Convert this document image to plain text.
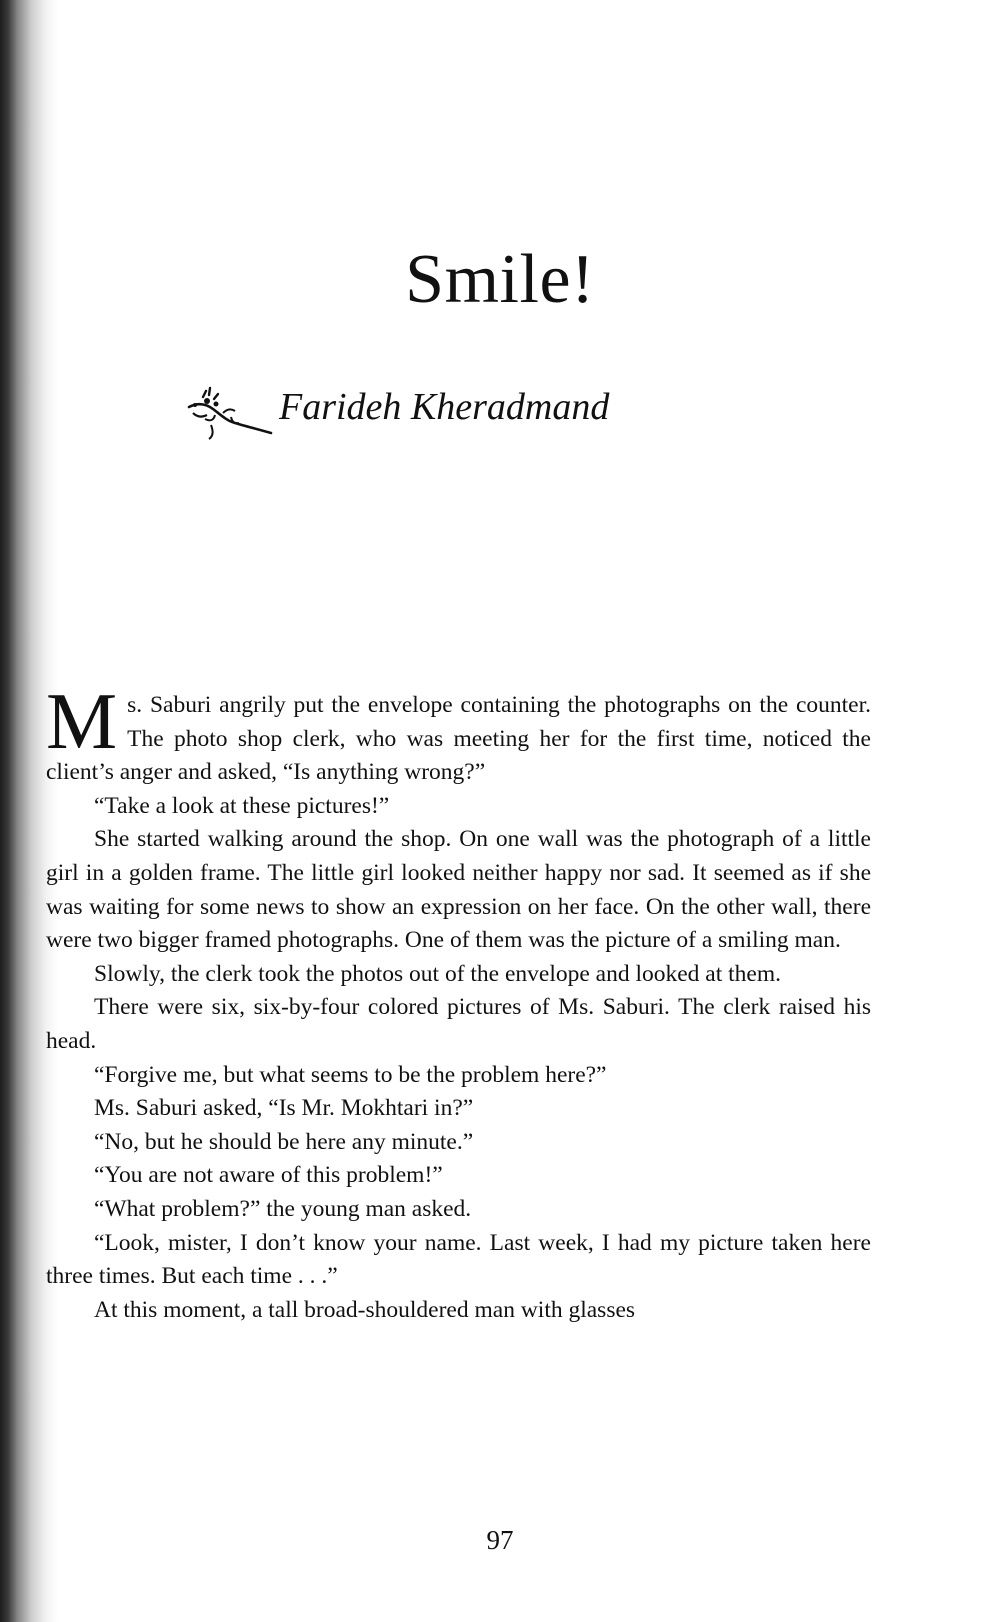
Smile!
Farideh Kheradmand

Ms. Saburi angrily put the envelope containing the photographs on the counter. The photo shop clerk, who was meeting her for the first time, noticed the client’s anger and asked, “Is anything wrong?”

“Take a look at these pictures!”

She started walking around the shop. On one wall was the photograph of a little girl in a golden frame. The little girl looked neither happy nor sad. It seemed as if she was waiting for some news to show an expression on her face. On the other wall, there were two bigger framed photographs. One of them was the picture of a smiling man.

Slowly, the clerk took the photos out of the envelope and looked at them.

There were six, six-by-four colored pictures of Ms. Saburi. The clerk raised his head.

“Forgive me, but what seems to be the problem here?”

Ms. Saburi asked, “Is Mr. Mokhtari in?”

“No, but he should be here any minute.”

“You are not aware of this problem!”

“What problem?” the young man asked.

“Look, mister, I don’t know your name. Last week, I had my picture taken here three times. But each time . . .”

At this moment, a tall broad-shouldered man with glasses

97
